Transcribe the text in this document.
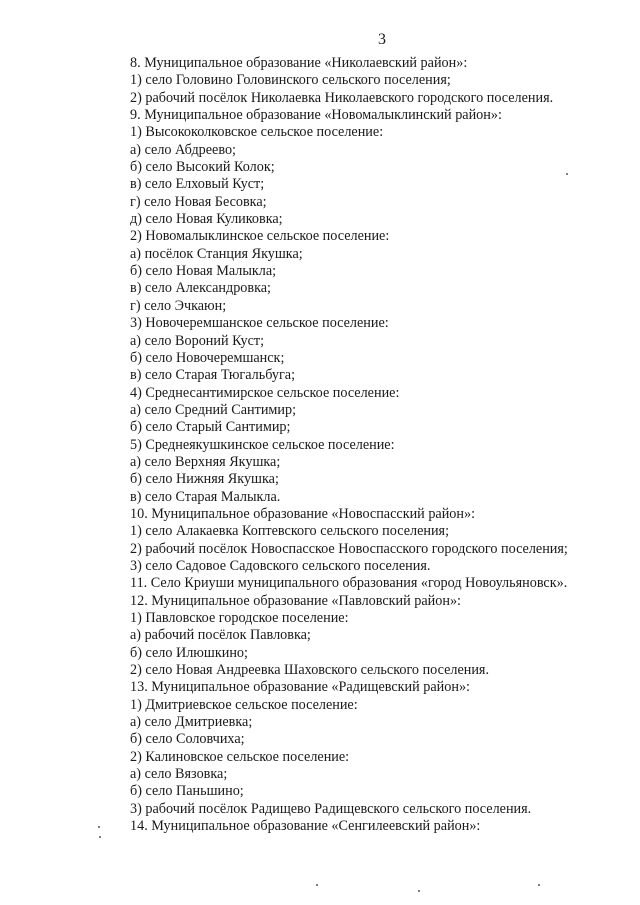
3
8. Муниципальное образование «Николаевский район»:
1) село Головино Головинского сельского поселения;
2) рабочий посёлок Николаевка Николаевского городского поселения.
9. Муниципальное образование «Новомалыклинский район»:
1) Высококолковское сельское поселение:
а) село Абдреево;
б) село Высокий Колок;
в) село Елховый Куст;
г) село Новая Бесовка;
д) село Новая Куликовка;
2) Новомалыклинское сельское поселение:
а) посёлок Станция Якушка;
б) село Новая Малыкла;
в) село Александровка;
г) село Эчкаюн;
3) Новочеремшанское сельское поселение:
а) село Вороний Куст;
б) село Новочеремшанск;
в) село Старая Тюгальбуга;
4) Среднесантимирское сельское поселение:
а) село Средний Сантимир;
б) село Старый Сантимир;
5) Среднеякушкинское сельское поселение:
а) село Верхняя Якушка;
б) село Нижняя Якушка;
в) село Старая Малыкла.
10. Муниципальное образование «Новоспасский район»:
1) село Алакаевка Коптевского сельского поселения;
2) рабочий посёлок Новоспасское Новоспасского городского поселения;
3) село Садовое Садовского сельского поселения.
11. Село Криуши муниципального образования «город Новоульяновск».
12. Муниципальное образование «Павловский район»:
1) Павловское городское поселение:
а) рабочий посёлок Павловка;
б) село Илюшкино;
2) село Новая Андреевка Шаховского сельского поселения.
13. Муниципальное образование «Радищевский район»:
1) Дмитриевское сельское поселение:
а) село Дмитриевка;
б) село Соловчиха;
2) Калиновское сельское поселение:
а) село Вязовка;
б) село Паньшино;
3) рабочий посёлок Радищево Радищевского сельского поселения.
14. Муниципальное образование «Сенгилеевский район»:
